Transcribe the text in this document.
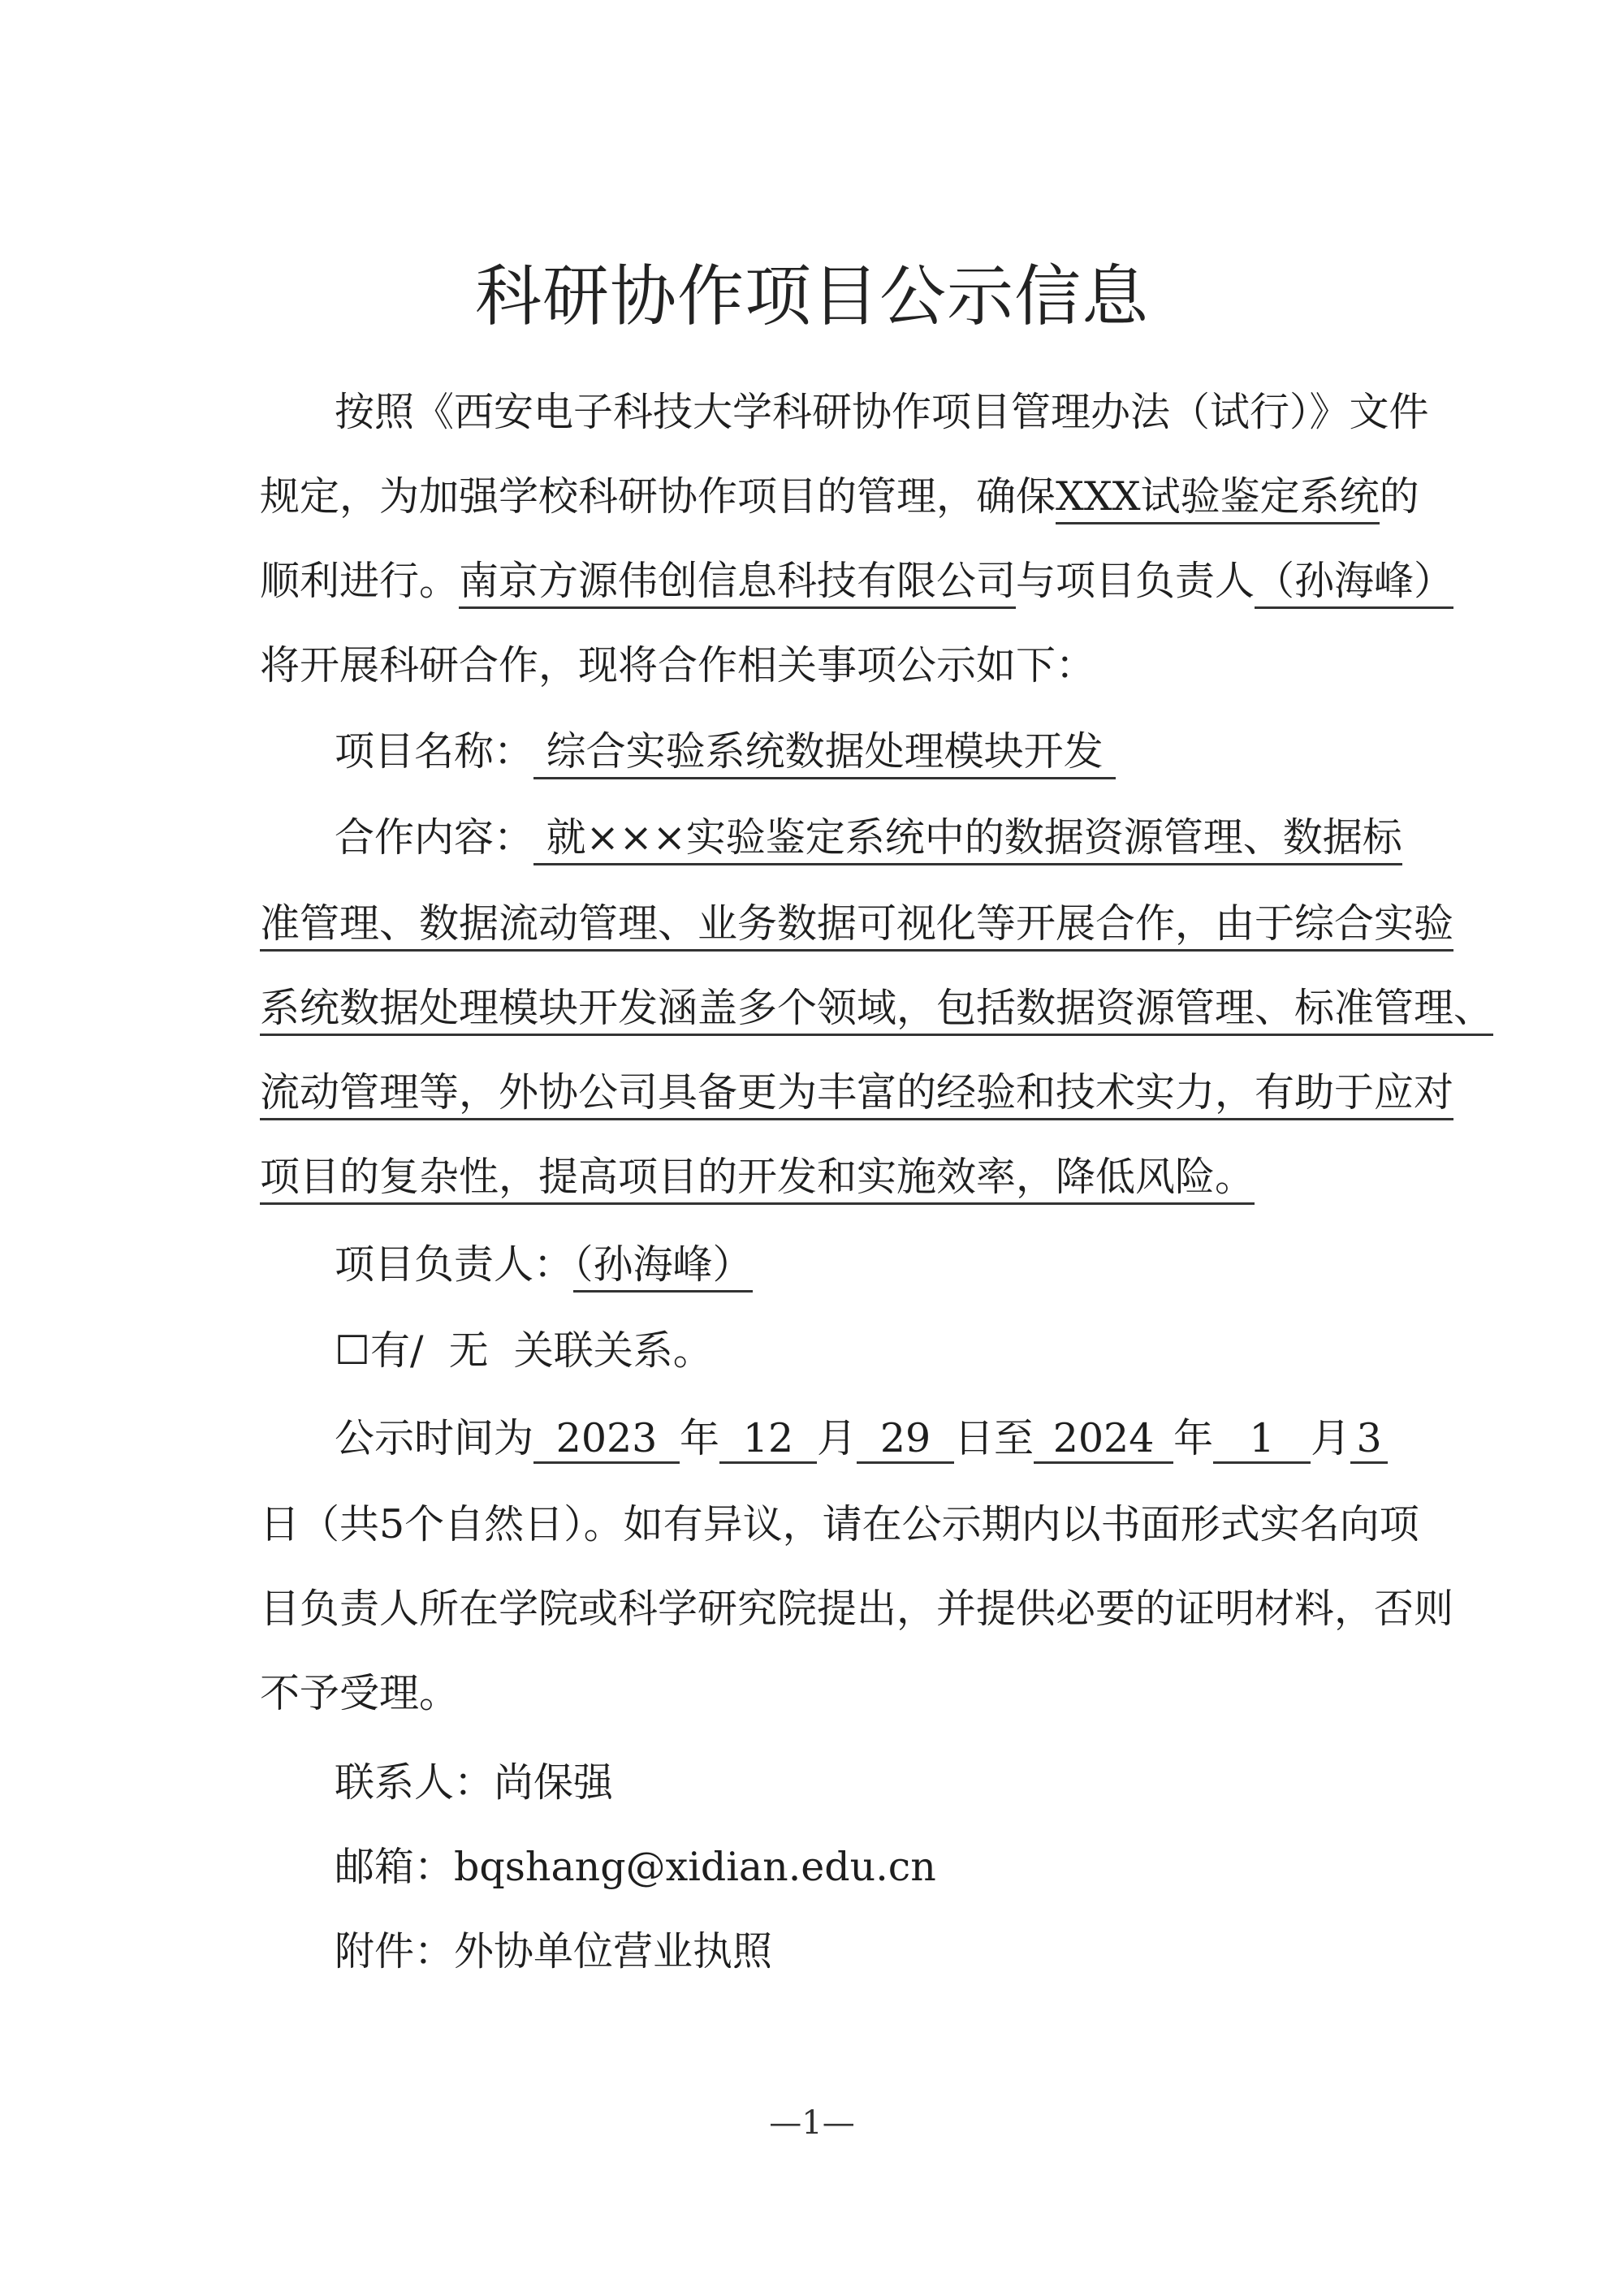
科研协作项目公示信息
按照《西安电子科技大学科研协作项目管理办法（试行）》文件
规定，为加强学校科研协作项目的管理，确保XXX试验鉴定系统的
顺利进行。南京方源伟创信息科技有限公司与项目负责人（孙海峰）
将开展科研合作，现将合作相关事项公示如下：
项目名称： 综合实验系统数据处理模块开发
合作内容： 就×××实验鉴定系统中的数据资源管理、数据标
准管理、数据流动管理、业务数据可视化等开展合作，由于综合实验
系统数据处理模块开发涵盖多个领域，包括数据资源管理、标准管理、
流动管理等，外协公司具备更为丰富的经验和技术实力，有助于应对
项目的复杂性，提高项目的开发和实施效率，降低风险。
项目负责人：（孙海峰）
☐有/ 无 关联关系。
公示时间为 2023 年 12 月 29 日至 2024 年 1 月 3
日（共5个自然日）。如有异议，请在公示期内以书面形式实名向项
目负责人所在学院或科学研究院提出，并提供必要的证明材料，否则
不予受理。
联系人：尚保强
邮箱：bqshang@xidian.edu.cn
附件：外协单位营业执照
—1—
